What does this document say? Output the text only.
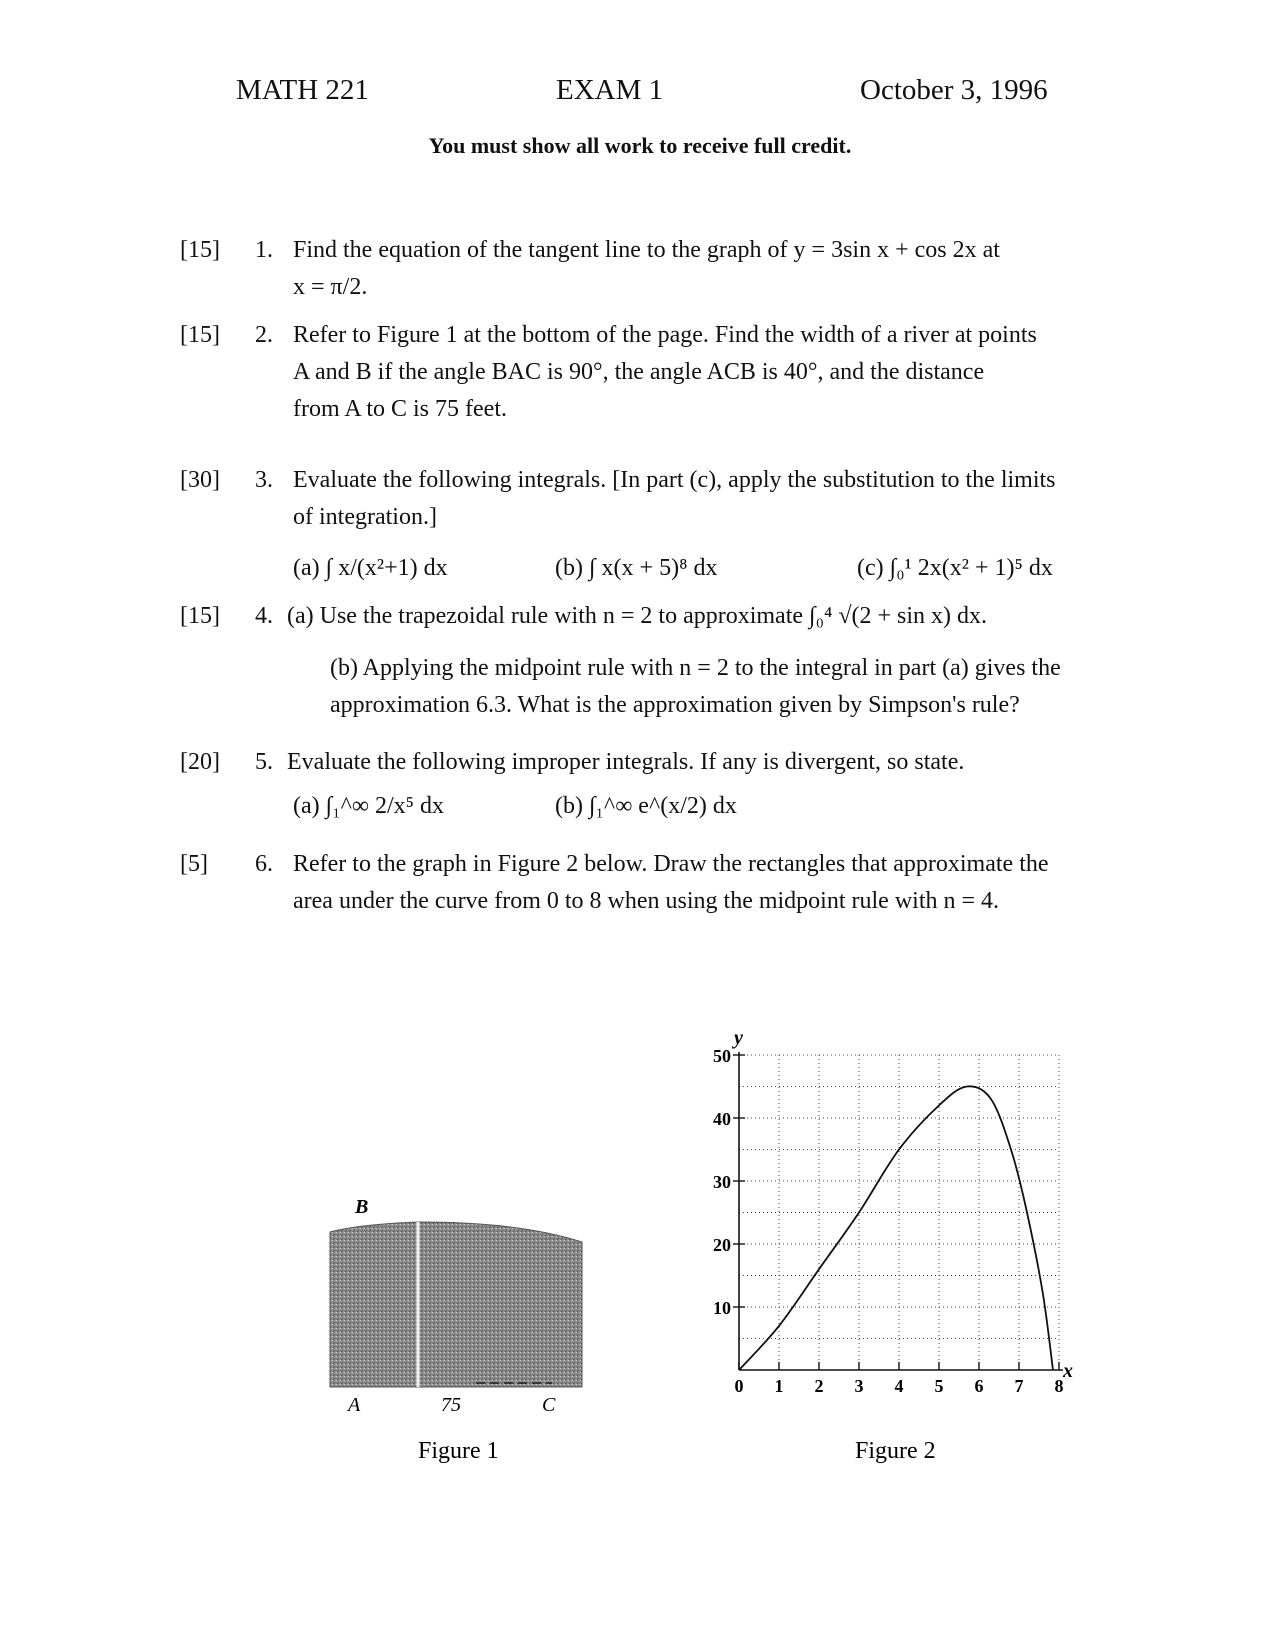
MATH 221	EXAM 1	October 3, 1996
You must show all work to receive full credit.
[15] 1. Find the equation of the tangent line to the graph of y = 3sin x + cos 2x at
x = π/2.
[15] 2. Refer to Figure 1 at the bottom of the page. Find the width of a river at points
A and B if the angle BAC is 90°, the angle ACB is 40°, and the distance
from A to C is 75 feet.
[30] 3. Evaluate the following integrals. [In part (c), apply the substitution to the limits
of integration.]
(a) ∫ x/(x²+1) dx	(b) ∫ x(x + 5)⁸ dx	(c) ∫₀¹ 2x(x² + 1)⁵ dx
[15] 4. (a) Use the trapezoidal rule with n = 2 to approximate ∫₀⁴ √(2 + sin x) dx.
(b) Applying the midpoint rule with n = 2 to the integral in part (a) gives the
approximation 6.3. What is the approximation given by Simpson's rule?
[20] 5. Evaluate the following improper integrals. If any is divergent, so state.
(a) ∫₁^∞ 2/x⁵ dx	(b) ∫₁^∞ e^(x/2) dx
[5] 6. Refer to the graph in Figure 2 below. Draw the rectangles that approximate the
area under the curve from 0 to 8 when using the midpoint rule with n = 4.
B
A	75	C
Figure 1
0 1 2 3 4 5 6 7 8
10
20
30
40
50
y
x
Figure 2
